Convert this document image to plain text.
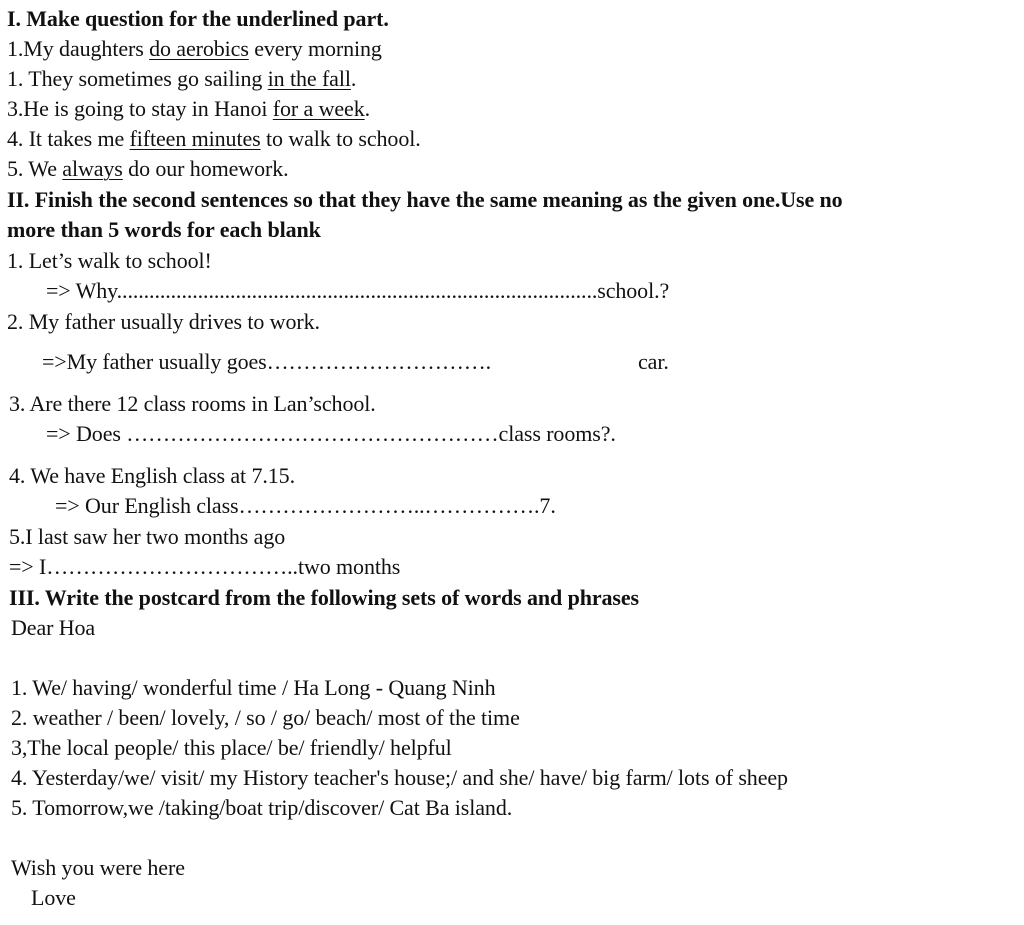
I. Make question for the underlined part.
1.My daughters do aerobics every morning
1. They sometimes go sailing in the fall.
3.He is going to stay in Hanoi for a week.
4. It takes me fifteen minutes to walk to school.
5. We always do our homework.
II. Finish the second sentences so that they have the same meaning as the given one.Use no
more than 5 words for each blank
1. Let’s walk to school!
=> Why.........................................................................................school.?
2. My father usually drives to work.
=>My father usually goes………………………….	car.
3. Are there 12 class rooms in Lan’school.
=> Does ……………………………………………class rooms?.
4. We have English class at 7.15.
=> Our English class……………………..…………….7.
5.I last saw her two months ago
=> I……………………………..two months
III. Write the postcard from the following sets of words and phrases
Dear Hoa
1. We/ having/ wonderful time / Ha Long - Quang Ninh
2. weather / been/ lovely, / so / go/ beach/ most of the time
3,The local people/ this place/ be/ friendly/ helpful
4. Yesterday/we/ visit/ my History teacher's house;/ and she/ have/ big farm/ lots of sheep
5. Tomorrow,we /taking/boat trip/discover/ Cat Ba island.
Wish you were here
Love
